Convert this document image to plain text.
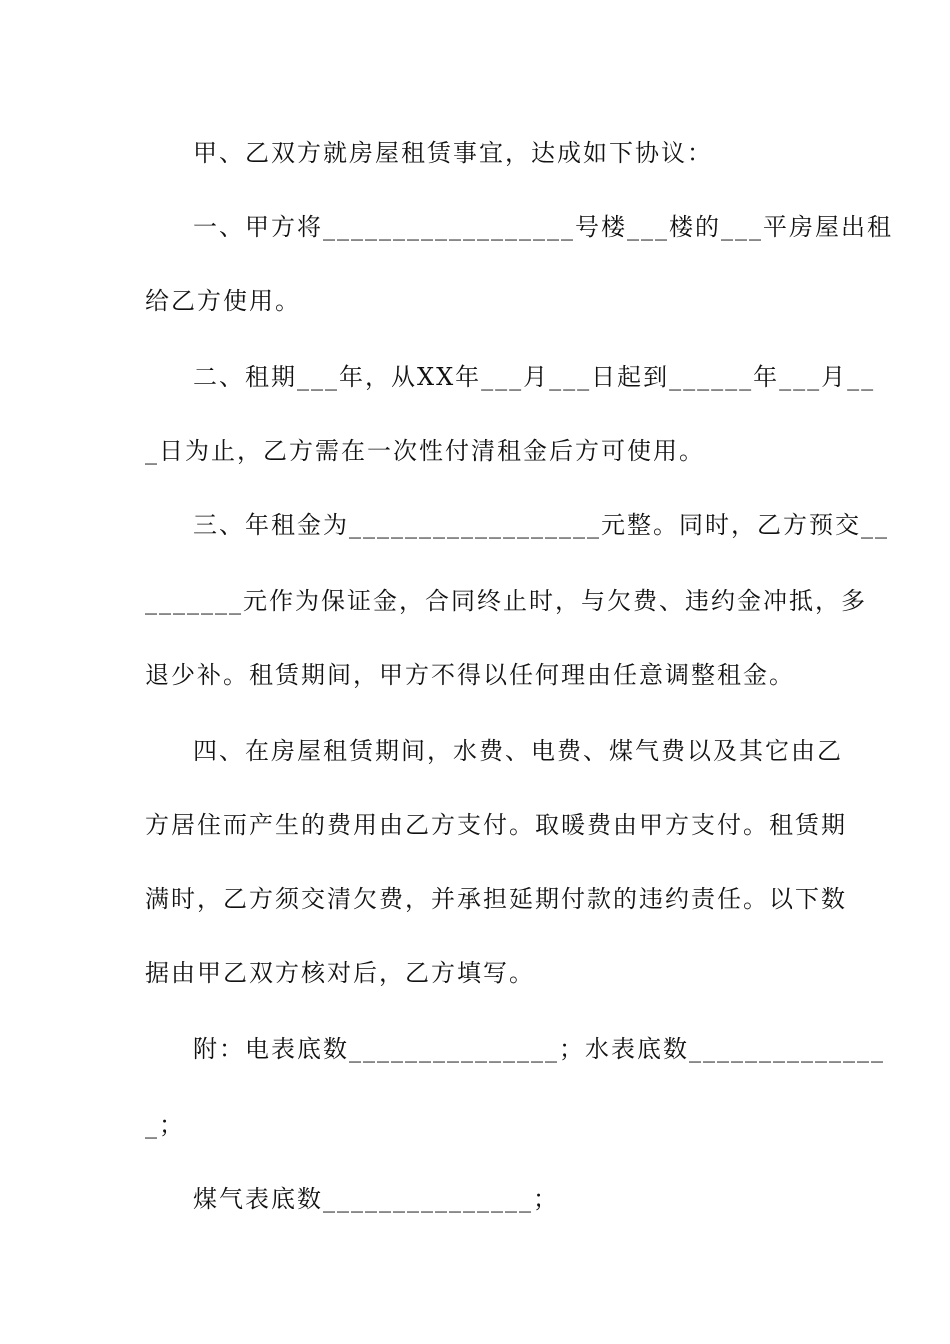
甲、乙双方就房屋租赁事宜，达成如下协议：
一、甲方将__________________号楼___楼的___平房屋出租
给乙方使用。
二、租期___年，从XX年___月___日起到______年___月__
_日为止，乙方需在一次性付清租金后方可使用。
三、年租金为__________________元整。同时，乙方预交__
_______元作为保证金，合同终止时，与欠费、违约金冲抵，多
退少补。租赁期间，甲方不得以任何理由任意调整租金。
四、在房屋租赁期间，水费、电费、煤气费以及其它由乙
方居住而产生的费用由乙方支付。取暖费由甲方支付。租赁期
满时，乙方须交清欠费，并承担延期付款的违约责任。以下数
据由甲乙双方核对后，乙方填写。
附：电表底数_______________；水表底数______________
_；
煤气表底数_______________；
